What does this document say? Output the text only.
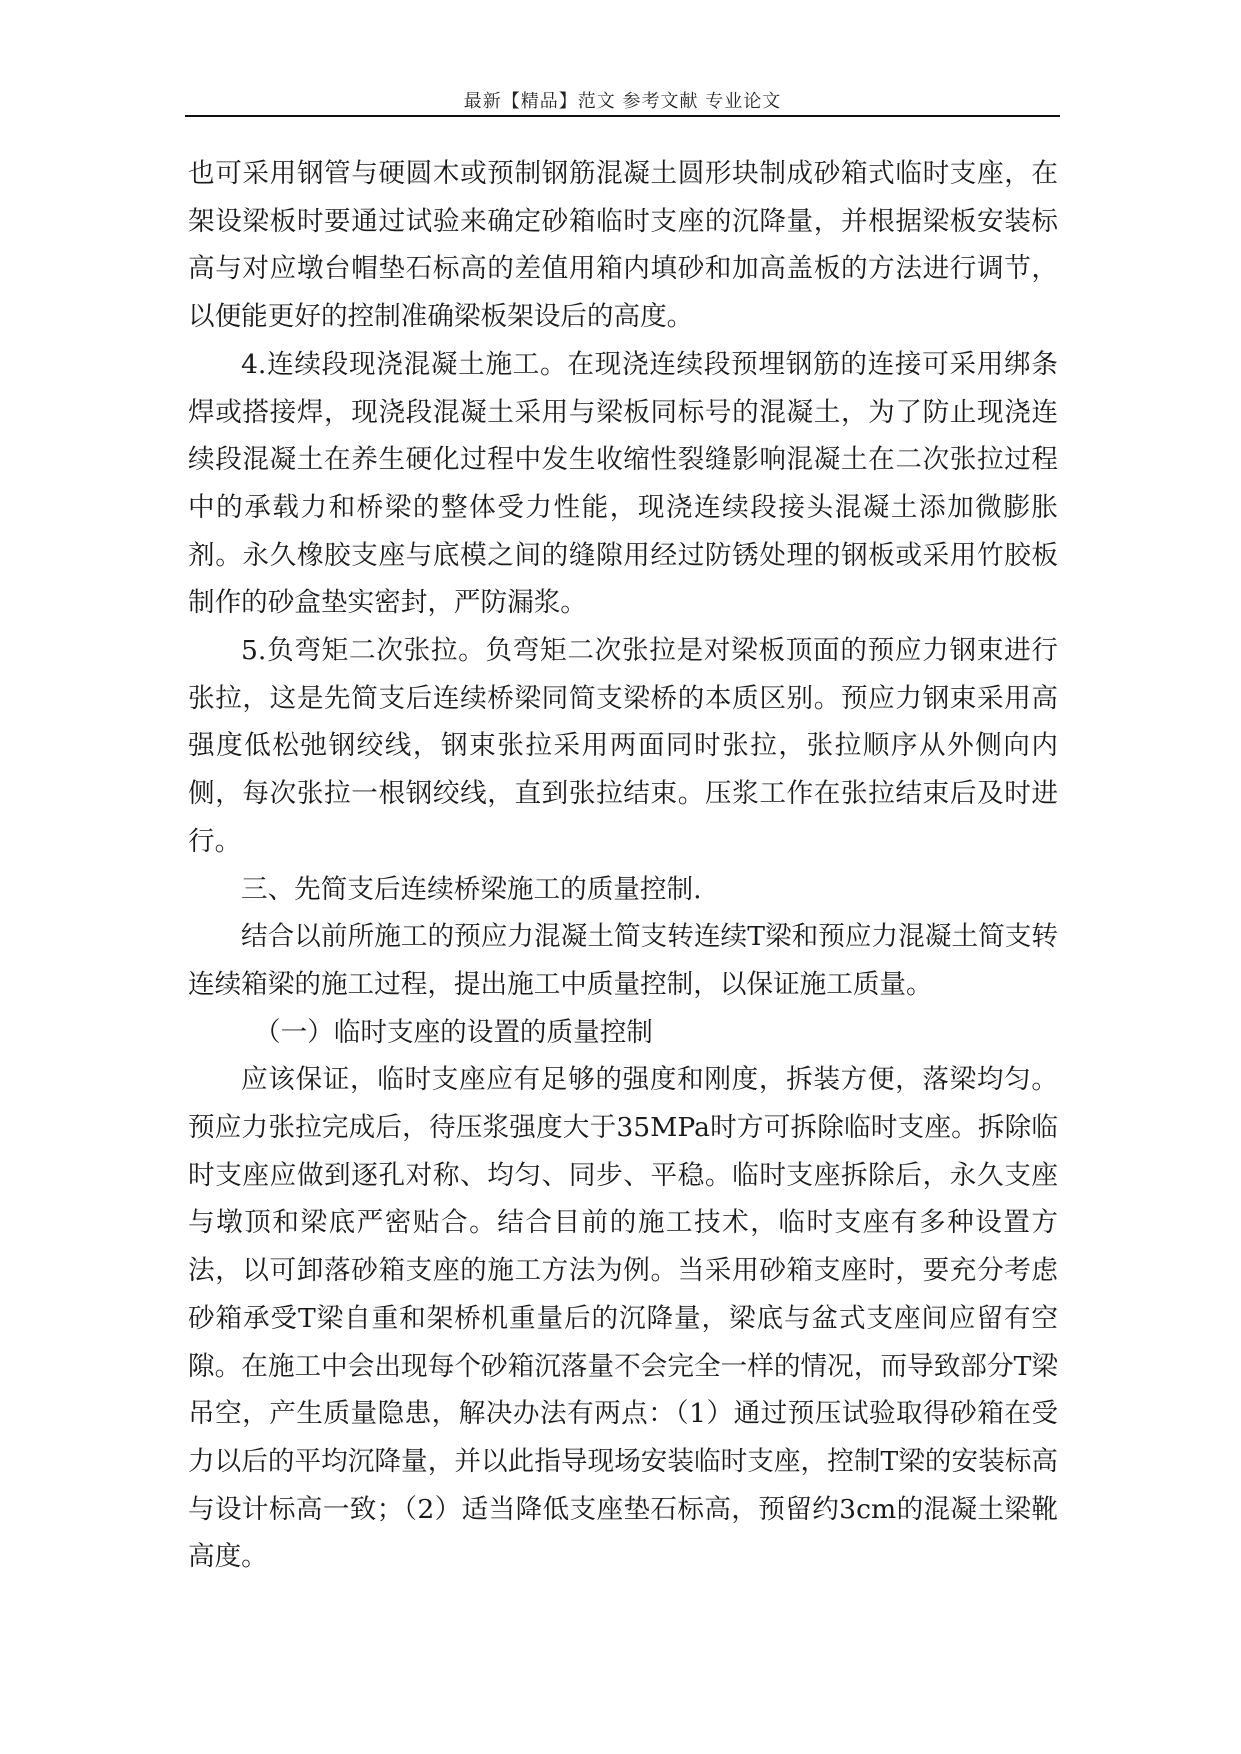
最新【精品】范文 参考文献 专业论文

也可采用钢管与硬圆木或预制钢筋混凝土圆形块制成砂箱式临时支座，在架设梁板时要通过试验来确定砂箱临时支座的沉降量，并根据梁板安装标高与对应墩台帽垫石标高的差值用箱内填砂和加高盖板的方法进行调节，以便能更好的控制准确梁板架设后的高度。

4.连续段现浇混凝土施工。在现浇连续段预埋钢筋的连接可采用绑条焊或搭接焊，现浇段混凝土采用与梁板同标号的混凝土，为了防止现浇连续段混凝土在养生硬化过程中发生收缩性裂缝影响混凝土在二次张拉过程中的承载力和桥梁的整体受力性能，现浇连续段接头混凝土添加微膨胀剂。永久橡胶支座与底模之间的缝隙用经过防锈处理的钢板或采用竹胶板制作的砂盒垫实密封，严防漏浆。

5.负弯矩二次张拉。负弯矩二次张拉是对梁板顶面的预应力钢束进行张拉，这是先简支后连续桥梁同简支梁桥的本质区别。预应力钢束采用高强度低松弛钢绞线，钢束张拉采用两面同时张拉，张拉顺序从外侧向内侧，每次张拉一根钢绞线，直到张拉结束。压浆工作在张拉结束后及时进行。

三、先简支后连续桥梁施工的质量控制.

结合以前所施工的预应力混凝土简支转连续T梁和预应力混凝土简支转连续箱梁的施工过程，提出施工中质量控制，以保证施工质量。

（一）临时支座的设置的质量控制

应该保证，临时支座应有足够的强度和刚度，拆装方便，落梁均匀。预应力张拉完成后，待压浆强度大于35MPa时方可拆除临时支座。拆除临时支座应做到逐孔对称、均匀、同步、平稳。临时支座拆除后，永久支座与墩顶和梁底严密贴合。结合目前的施工技术，临时支座有多种设置方法，以可卸落砂箱支座的施工方法为例。当采用砂箱支座时，要充分考虑砂箱承受T梁自重和架桥机重量后的沉降量，梁底与盆式支座间应留有空隙。在施工中会出现每个砂箱沉落量不会完全一样的情况，而导致部分T梁吊空，产生质量隐患，解决办法有两点：（1）通过预压试验取得砂箱在受力以后的平均沉降量，并以此指导现场安装临时支座，控制T梁的安装标高与设计标高一致；（2）适当降低支座垫石标高，预留约3cm的混凝土梁靴高度。
